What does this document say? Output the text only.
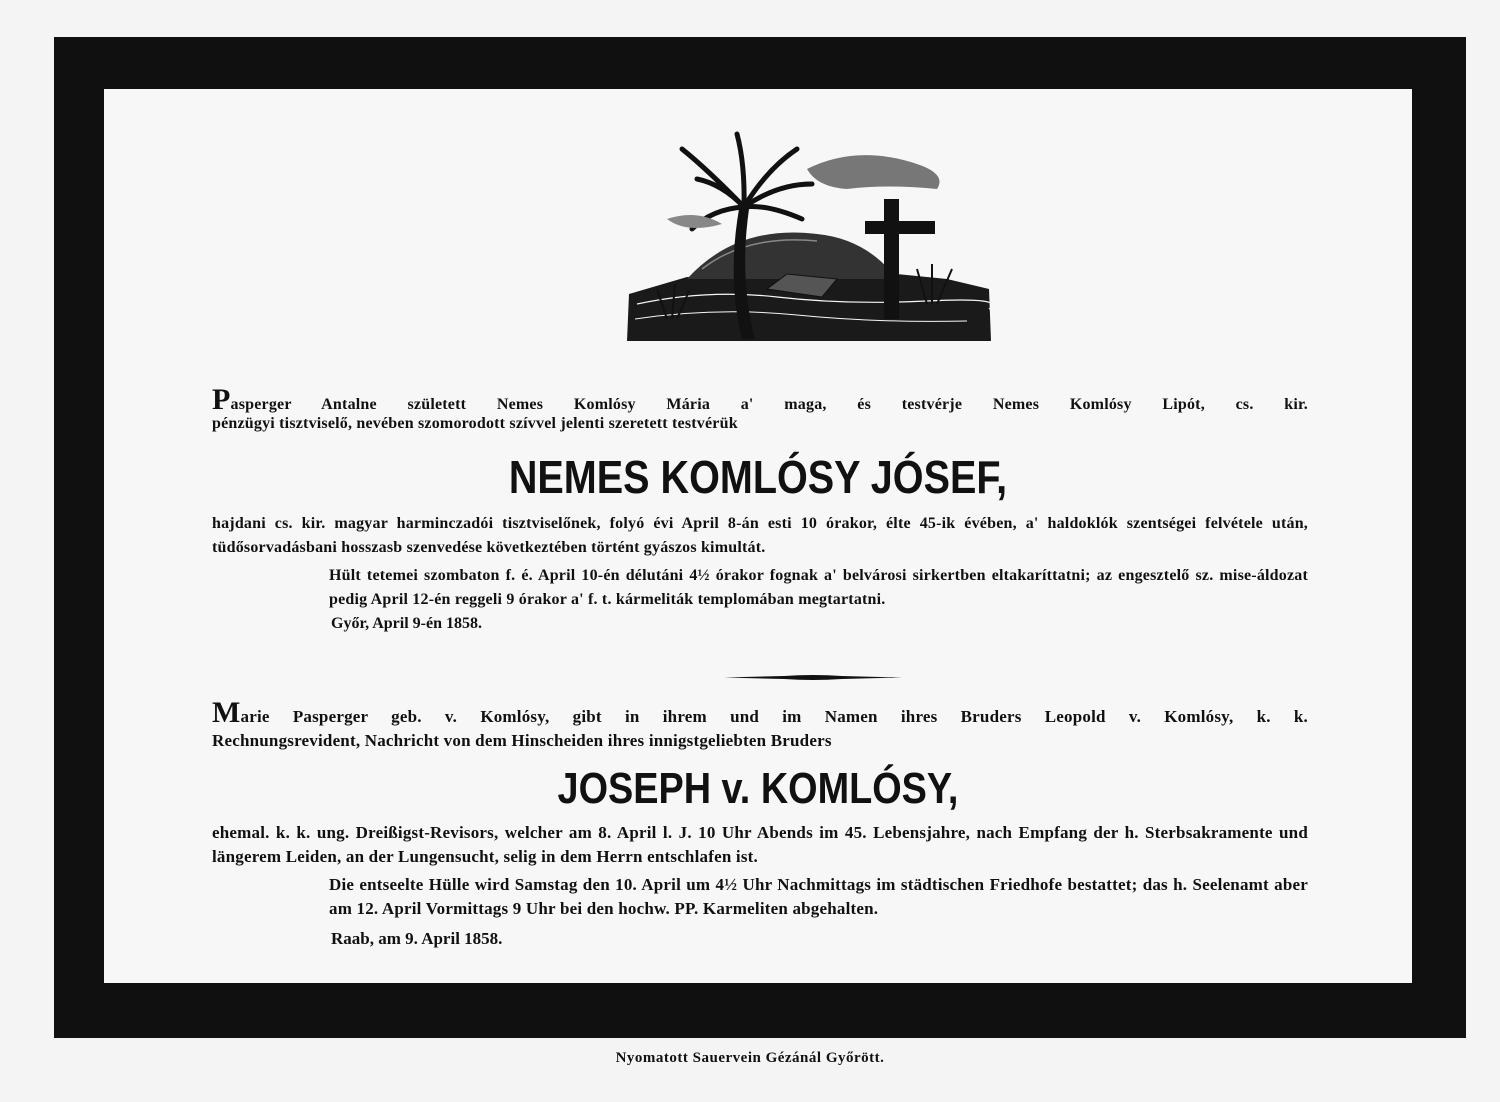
Pasperger Antalne született Nemes Komlósy Mária a' maga, és testvérje Nemes Komlósy Lipót, cs. kir.

pénzügyi tisztviselő, nevében szomorodott szívvel jelenti szeretett testvérük

NEMES KOMLÓSY JÓSEF,

hajdani cs. kir. magyar harminczadói tisztviselőnek, folyó évi April 8-án esti 10 órakor, élte 45-ik évében, a' haldoklók szentségei felvétele után, tüdősorvadásbani hosszasb szenvedése következtében történt gyászos kimultát.

Hült tetemei szombaton f. é. April 10-én délutáni 4½ órakor fognak a' belvárosi sirkertben eltakaríttatni; az engesztelő sz. mise-áldozat pedig April 12-én reggeli 9 órakor a' f. t. kármeliták templomában megtartatni.

Győr, April 9-én 1858.

Marie Pasperger geb. v. Komlósy, gibt in ihrem und im Namen ihres Bruders Leopold v. Komlósy, k. k.

Rechnungsrevident, Nachricht von dem Hinscheiden ihres innigstgeliebten Bruders

JOSEPH v. KOMLÓSY,

ehemal. k. k. ung. Dreißigst-Revisors, welcher am 8. April l. J. 10 Uhr Abends im 45. Lebensjahre, nach Empfang der h. Sterbsakramente und längerem Leiden, an der Lungensucht, selig in dem Herrn entschlafen ist.

Die entseelte Hülle wird Samstag den 10. April um 4½ Uhr Nachmittags im städtischen Friedhofe bestattet; das h. Seelenamt aber am 12. April Vormittags 9 Uhr bei den hochw. PP. Karmeliten abgehalten.

Raab, am 9. April 1858.

Nyomatott Sauervein Gézánál Győrött.
